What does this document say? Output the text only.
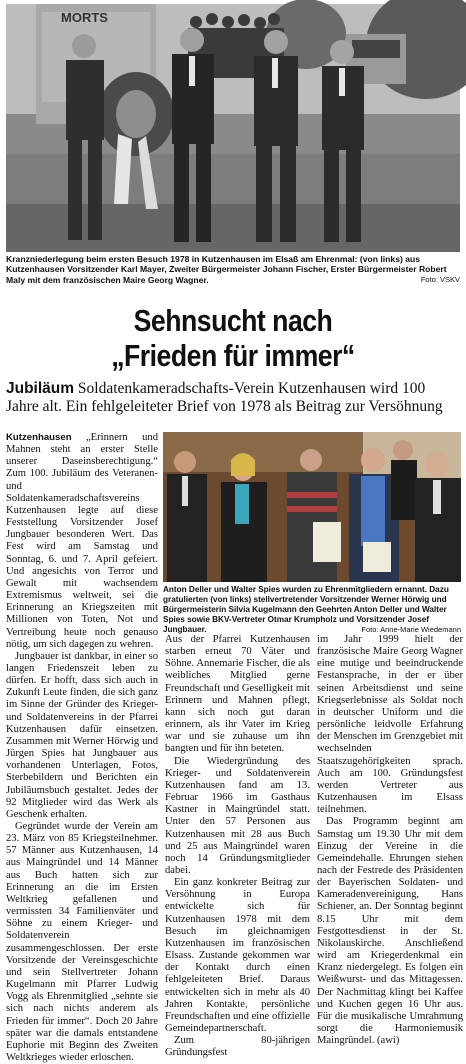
MORTS
Kranzniederlegung beim ersten Besuch 1978 in Kutzenhausen im Elsaß am Ehrenmal: (von links) aus Kutzenhausen Vorsitzender Karl Mayer, Zweiter Bürgermeister Johann Fischer, Erster Bürgermeister Robert Maly mit dem französischen Maire Georg Wagner.	Foto: VSKV
Sehnsucht nach
„Frieden für immer“
Jubiläum Soldatenkameradschafts-Verein Kutzenhausen wird 100 Jahre alt. Ein fehlgeleiteter Brief von 1978 als Beitrag zur Versöhnung

Kutzenhausen „Erinnern und Mahnen steht an erster Stelle unserer Daseinsberechtigung.“ Zum 100. Jubiläum des Veteranen- und Soldatenkameradschaftsvereins Kutzenhausen legte auf diese Feststellung Vorsitzender Josef Jungbauer besonderen Wert. Das Fest wird am Samstag und Sonntag, 6. und 7. April gefeiert. Und angesichts von Terror und Gewalt mit wachsendem Extremismus weltweit, sei die Erinnerung an Kriegszeiten mit Millionen von Toten, Not und Vertreibung heute noch genauso nötig, um sich dagegen zu wehren.

Jungbauer ist dankbar, in einer so langen Friedenszeit leben zu dürfen. Er hofft, dass sich auch in Zukunft Leute finden, die sich ganz im Sinne der Gründer des Krieger- und Soldatenvereins in der Pfarrei Kutzenhausen dafür einsetzen. Zusammen mit Werner Hörwig und Jürgen Spies hat Jungbauer aus vorhandenen Unterlagen, Fotos, Sterbebildern und Berichten ein Jubiläumsbuch gestaltet. Jedes der 92 Mitglieder wird das Werk als Geschenk erhalten.

Gegründet wurde der Verein am 23. März von 85 Kriegsteilnehmer. 57 Männer aus Kutzenhausen, 14 aus Maingründel und 14 Männer aus Buch hatten sich zur Erinnerung an die im Ersten Weltkrieg gefallenen und vermissten 34 Familienväter und Söhne zu einem Krieger- und Soldatenverein zusammengeschlossen. Der erste Vorsitzende der Vereinsgeschichte und sein Stellvertreter Johann Kugelmann mit Pfarrer Ludwig Vogg als Ehrenmitglied „sehnte sie sich nach nichts anderem als Frieden für immer“. Doch 20 Jahre später war die damals entstandene Euphorie mit Beginn des Zweiten Weltkrieges wieder erloschen.

Anton Deller und Walter Spies wurden zu Ehrenmitgliedern ernannt. Dazu gratulierten (von links) stellvertretender Vorsitzender Werner Hörwig und Bürgermeisterin Silvia Kugelmann den Geehrten Anton Deller und Walter Spies sowie BKV-Vertreter Otmar Krumpholz und Vorsitzender Josef Jungbauer.	Foto: Anne-Marie Wiedemann

Aus der Pfarrei Kutzenhausen starben erneut 70 Väter und Söhne. Annemarie Fischer, die als weibliches Mitglied gerne Freundschaft und Geselligkeit mit Erinnern und Mahnen pflegt, kann sich noch gut daran erinnern, als ihr Vater im Krieg war und sie zuhause um ihn bangten und für ihn beteten.

Die Wiedergründung des Krieger- und Soldatenverein Kutzenhausen fand am 13. Februar 1966 im Gasthaus Kastner in Maingründel statt. Unter den 57 Personen aus Kutzenhausen mit 28 aus Buch und 25 aus Maingründel waren noch 14 Gründungsmitglieder dabei.

Ein ganz konkreter Beitrag zur Versöhnung in Europa entwickelte sich für Kutzenhausen 1978 mit dem Besuch im gleichnamigen Kutzenhausen im französischen Elsass. Zustande gekommen war der Kontakt durch einen fehlgeleiteten Brief. Daraus entwickelten sich in mehr als 40 Jahren Kontakte, persönliche Freundschaften und eine offizielle Gemeindepartnerschaft.

Zum 80-jährigen Gründungsfest

im Jahr 1999 hielt der französische Maire Georg Wagner eine mutige und beeindruckende Festansprache, in der er über seinen Arbeitsdienst und seine Kriegserlebnisse als Soldat noch in deutscher Uniform und die persönliche leidvolle Erfahrung der Menschen im Grenzgebiet mit wechselnden Staatszugehörigkeiten sprach. Auch am 100. Gründungsfest werden Vertreter aus Kutzenhausen im Elsass teilnehmen.

Das Programm beginnt am Samstag um 19.30 Uhr mit dem Einzug der Vereine in die Gemeindehalle. Ehrungen stehen nach der Festrede des Präsidenten der Bayerischen Soldaten- und Kameradenvereinigung, Hans Schiener, an. Der Sonntag beginnt 8.15 Uhr mit dem Festgottesdienst in der St. Nikolauskirche. Anschließend wird am Kriegerdenkmal ein Kranz niedergelegt. Es folgen ein Weißwurst- und das Mittagessen. Der Nachmittag klingt bei Kaffee und Kuchen gegen 16 Uhr aus. Für die musikalische Umrahmung sorgt die Harmoniemusik Maingründel. (awi)
